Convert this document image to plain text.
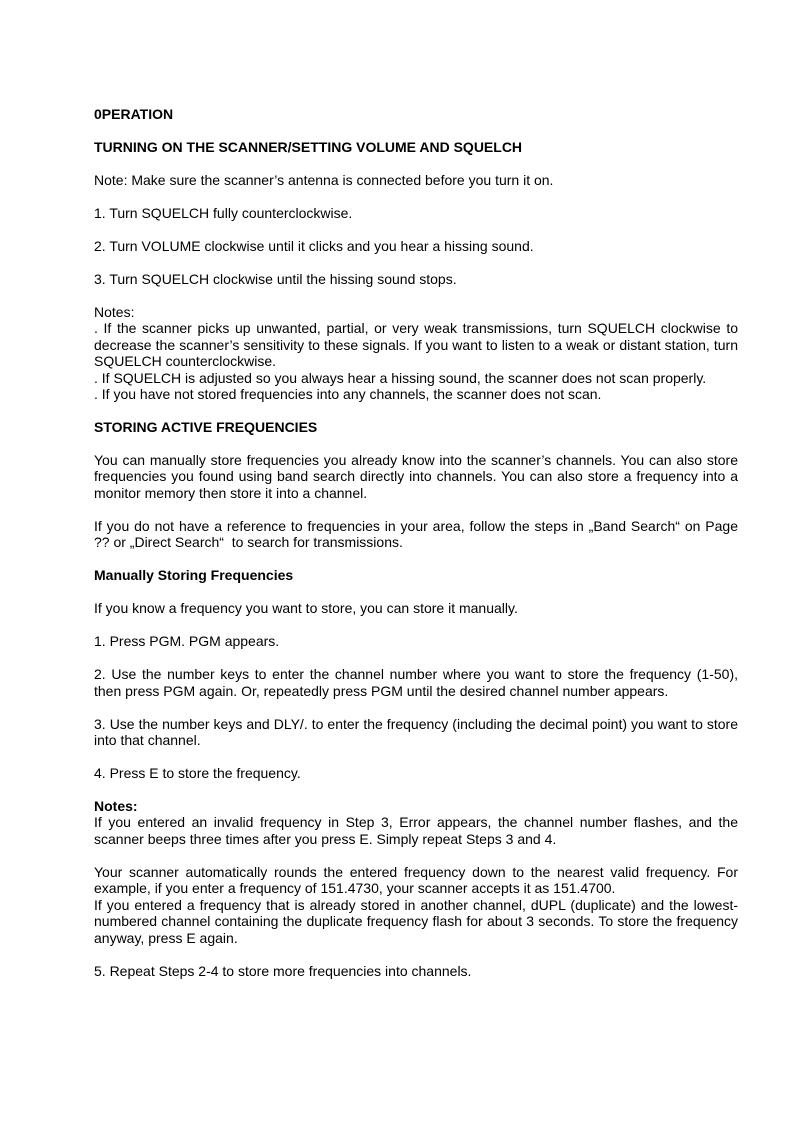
0PERATION

TURNING ON THE SCANNER/SETTING VOLUME AND SQUELCH

Note: Make sure the scanner’s antenna is connected before you turn it on.

1. Turn SQUELCH fully counterclockwise.

2. Turn VOLUME clockwise until it clicks and you hear a hissing sound.

3. Turn SQUELCH clockwise until the hissing sound stops.

Notes:

. If the scanner picks up unwanted, partial, or very weak transmissions, turn SQUELCH clockwise to decrease the scanner’s sensitivity to these signals. If you want to listen to a weak or distant station, turn SQUELCH counterclockwise.

. If SQUELCH is adjusted so you always hear a hissing sound, the scanner does not scan properly.

. If you have not stored frequencies into any channels, the scanner does not scan.

STORING ACTIVE FREQUENCIES

You can manually store frequencies you already know into the scanner’s channels. You can also store frequencies you found using band search directly into channels. You can also store a frequency into a monitor memory then store it into a channel.

If you do not have a reference to frequencies in your area, follow the steps in „Band Search“ on Page ?? or „Direct Search“  to search for transmissions.

Manually Storing Frequencies

If you know a frequency you want to store, you can store it manually.

1. Press PGM. PGM appears.

2. Use the number keys to enter the channel number where you want to store the frequency (1-50), then press PGM again. Or, repeatedly press PGM until the desired channel number appears.

3. Use the number keys and DLY/. to enter the frequency (including the decimal point) you want to store into that channel.

4. Press E to store the frequency.

Notes:

If you entered an invalid frequency in Step 3, Error appears, the channel number flashes, and the scanner beeps three times after you press E. Simply repeat Steps 3 and 4.

Your scanner automatically rounds the entered frequency down to the nearest valid frequency. For example, if you enter a frequency of 151.4730, your scanner accepts it as 151.4700.

If you entered a frequency that is already stored in another channel, dUPL (duplicate) and the lowest-numbered channel containing the duplicate frequency flash for about 3 seconds. To store the frequency anyway, press E again.

5. Repeat Steps 2-4 to store more frequencies into channels.
